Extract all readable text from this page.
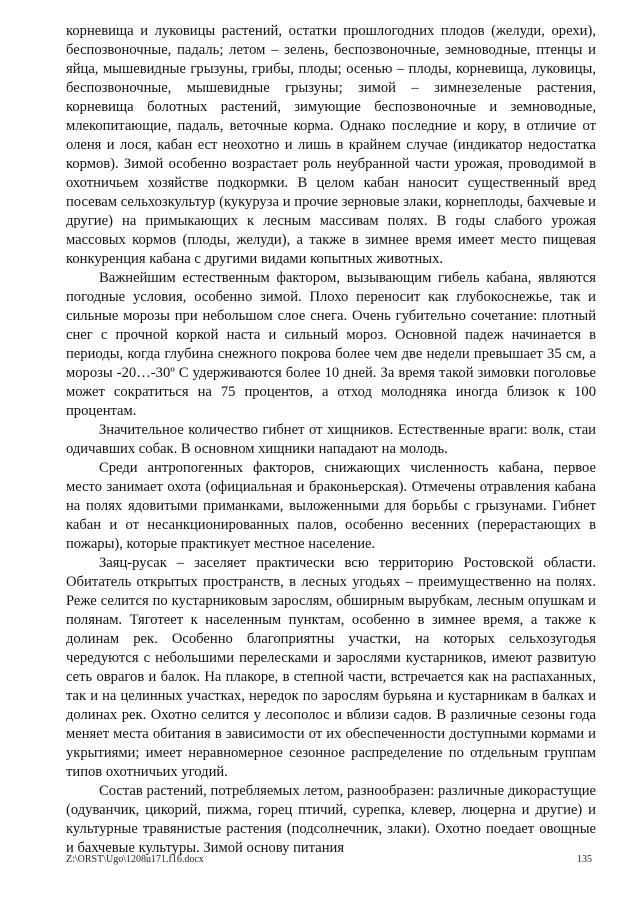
корневища и луковицы растений, остатки прошлогодних плодов (желуди, орехи), беспозвоночные, падаль; летом – зелень, беспозвоночные, земноводные, птенцы и яйца, мышевидные грызуны, грибы, плоды; осенью – плоды, корневища, луковицы, беспозвоночные, мышевидные грызуны; зимой – зимнезеленые растения, корневища болотных растений, зимующие беспозвоночные и земноводные, млекопитающие, падаль, веточные корма. Однако последние и кору, в отличие от оленя и лося, кабан ест неохотно и лишь в крайнем случае (индикатор недостатка кормов). Зимой особенно возрастает роль неубранной части урожая, проводимой в охотничьем хозяйстве подкормки. В целом кабан наносит существенный вред посевам сельхозкультур (кукуруза и прочие зерновые злаки, корнеплоды, бахчевые и другие) на примыкающих к лесным массивам полях. В годы слабого урожая массовых кормов (плоды, желуди), а также в зимнее время имеет место пищевая конкуренция кабана с другими видами копытных животных.

Важнейшим естественным фактором, вызывающим гибель кабана, являются погодные условия, особенно зимой. Плохо переносит как глубокоснежье, так и сильные морозы при небольшом слое снега. Очень губительно сочетание: плотный снег с прочной коркой наста и сильный мороз. Основной падеж начинается в периоды, когда глубина снежного покрова более чем две недели превышает 35 см, а морозы -20…-30º С удерживаются более 10 дней. За время такой зимовки поголовье может сократиться на 75 процентов, а отход молодняка иногда близок к 100 процентам.

Значительное количество гибнет от хищников. Естественные враги: волк, стаи одичавших собак. В основном хищники нападают на молодь.

Среди антропогенных факторов, снижающих численность кабана, первое место занимает охота (официальная и браконьерская). Отмечены отравления кабана на полях ядовитыми приманками, выложенными для борьбы с грызунами. Гибнет кабан и от несанкционированных палов, особенно весенних (перерастающих в пожары), которые практикует местное население.

Заяц-русак – заселяет практически всю территорию Ростовской области. Обитатель открытых пространств, в лесных угодьях – преимущественно на полях. Реже селится по кустарниковым зарослям, обширным вырубкам, лесным опушкам и полянам. Тяготеет к населенным пунктам, особенно в зимнее время, а также к долинам рек. Особенно благоприятны участки, на которых сельхозугодья чередуются с небольшими перелесками и зарослями кустарников, имеют развитую сеть оврагов и балок. На плакоре, в степной части, встречается как на распаханных, так и на целинных участках, нередок по зарослям бурьяна и кустарникам в балках и долинах рек. Охотно селится у лесополос и вблизи садов. В различные сезоны года меняет места обитания в зависимости от их обеспеченности доступными кормами и укрытиями; имеет неравномерное сезонное распределение по отдельным группам типов охотничьих угодий.

Состав растений, потребляемых летом, разнообразен: различные дикорастущие (одуванчик, цикорий, пижма, горец птичий, сурепка, клевер, люцерна и другие) и культурные травянистые растения (подсолнечник, злаки). Охотно поедает овощные и бахчевые культуры. Зимой основу питания

Z:\ORST\Ugo\1208u171.f16.docx	135
